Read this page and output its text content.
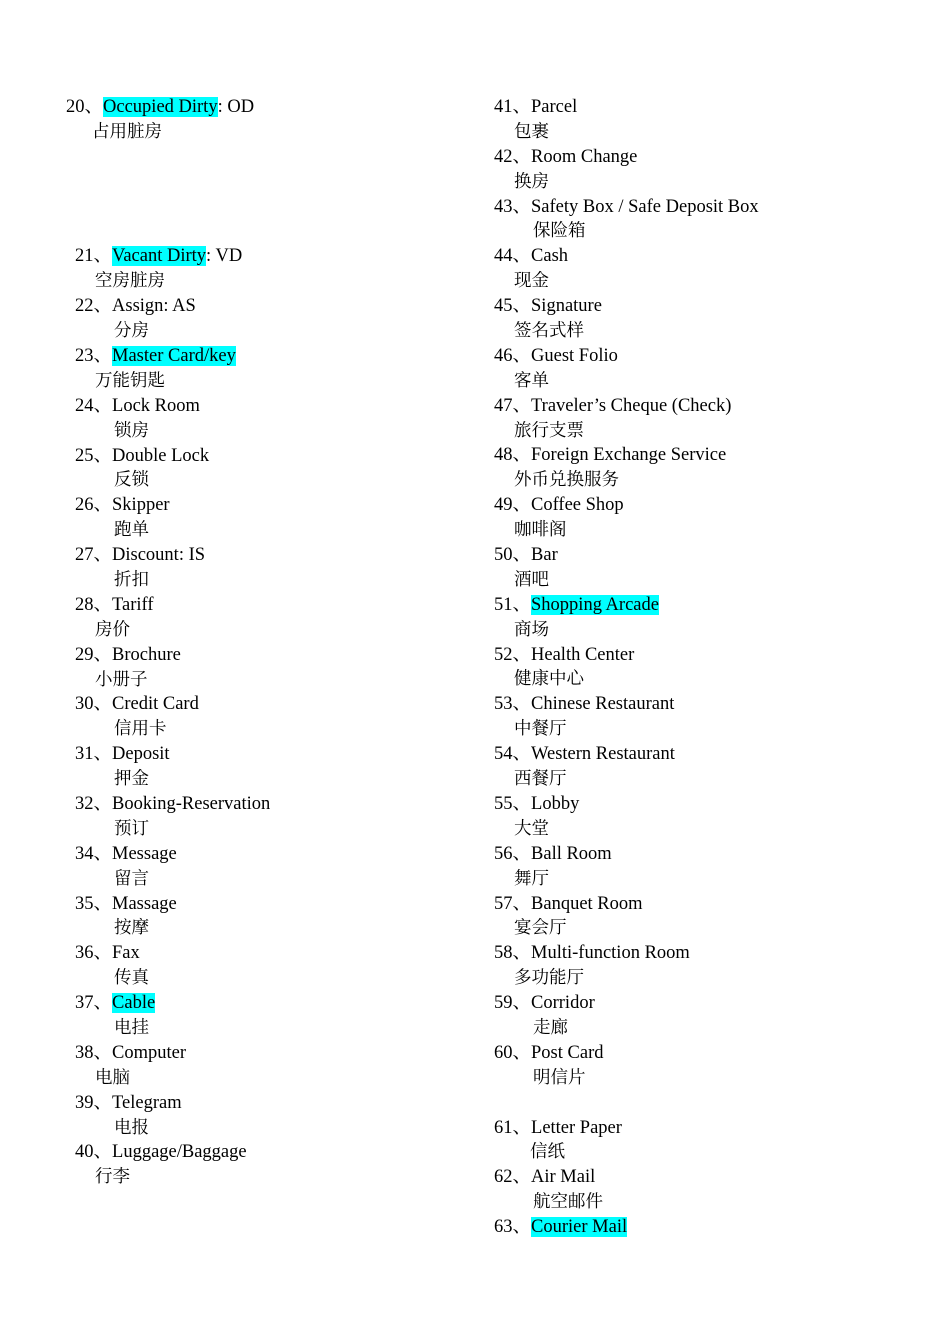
20、Occupied Dirty: OD
占用脏房
21、Vacant Dirty: VD
空房脏房
22、Assign: AS
分房
23、Master Card/key
万能钥匙
24、Lock Room
锁房
25、Double Lock
反锁
26、Skipper
跑单
27、Discount: IS
折扣
28、Tariff
房价
29、Brochure
小册子
30、Credit Card
信用卡
31、Deposit
押金
32、Booking-Reservation
预订
34、Message
留言
35、Massage
按摩
36、Fax
传真
37、Cable
电挂
38、Computer
电脑
39、Telegram
电报
40、Luggage/Baggage
行李
41、Parcel
包裹
42、Room Change
换房
43、Safety Box / Safe Deposit Box
保险箱
44、Cash
现金
45、Signature
签名式样
46、Guest Folio
客单
47、Traveler’s Cheque (Check)
旅行支票
48、Foreign Exchange Service
外币兑换服务
49、Coffee Shop
咖啡阁
50、Bar
酒吧
51、Shopping Arcade
商场
52、Health Center
健康中心
53、Chinese Restaurant
中餐厅
54、Western Restaurant
西餐厅
55、Lobby
大堂
56、Ball Room
舞厅
57、Banquet Room
宴会厅
58、Multi-function Room
多功能厅
59、Corridor
走廊
60、Post Card
明信片
61、Letter Paper
信纸
62、Air Mail
航空邮件
63、Courier Mail
